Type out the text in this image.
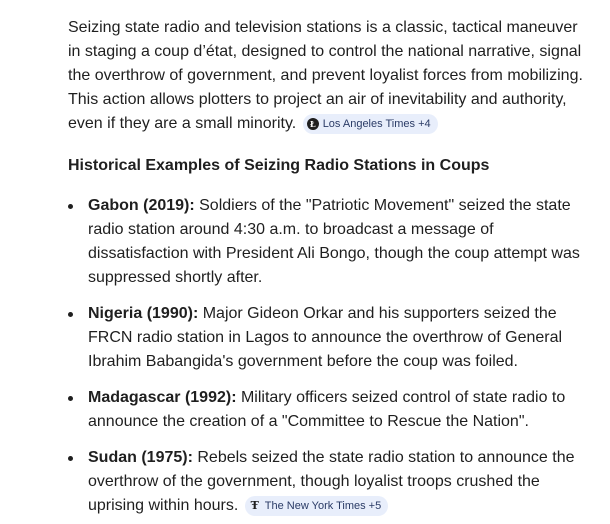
Seizing state radio and television stations is a classic, tactical maneuver in staging a coup d’état, designed to control the national narrative, signal the overthrow of government, and prevent loyalist forces from mobilizing. This action allows plotters to project an air of inevitability and authority, even if they are a small minority.	Ł Los Angeles Times +4

Historical Examples of Seizing Radio Stations in Coups
Gabon (2019): Soldiers of the "Patriotic Movement" seized the state radio station around 4:30 a.m. to broadcast a message of dissatisfaction with President Ali Bongo, though the coup attempt was suppressed shortly after.
Nigeria (1990): Major Gideon Orkar and his supporters seized the FRCN radio station in Lagos to announce the overthrow of General Ibrahim Babangida's government before the coup was foiled.
Madagascar (1992): Military officers seized control of state radio to announce the creation of a "Committee to Rescue the Nation".
Sudan (1975): Rebels seized the state radio station to announce the overthrow of the government, though loyalist troops crushed the uprising within hours. Ŧ The New York Times +5
